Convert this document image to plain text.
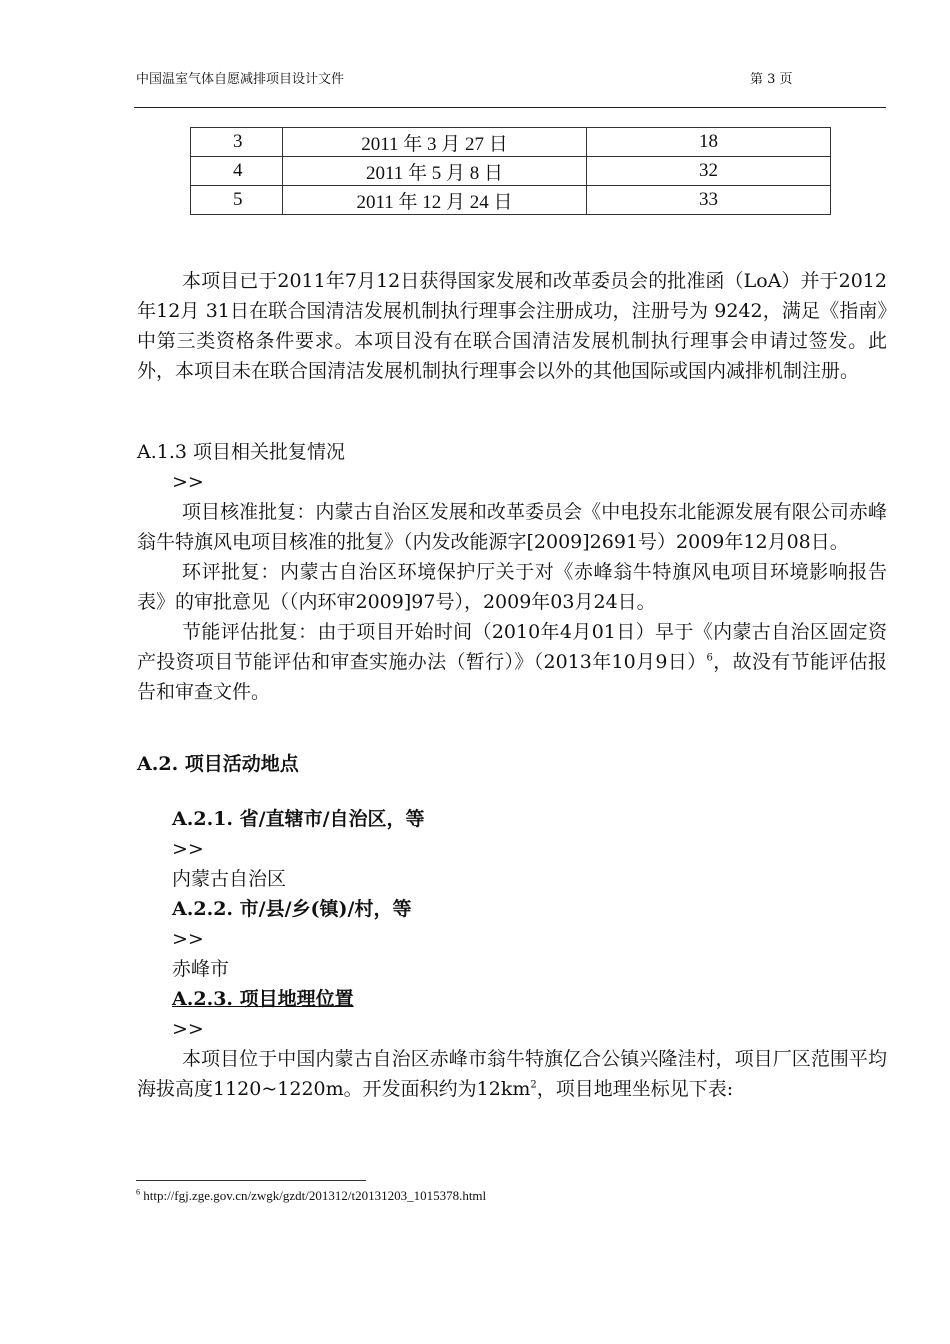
中国温室气体自愿减排项目设计文件	第 3 页
3	2011 年 3 月 27 日	18
4	2011 年 5 月 8 日	32
5	2011 年 12 月 24 日	33

本项目已于2011年7月12日获得国家发展和改革委员会的批准函（LoA）并于2012 年12月 31日在联合国清洁发展机制执行理事会注册成功，注册号为 9242，满足《指南》中第三类资格条件要求。本项目没有在联合国清洁发展机制执行理事会申请过签发。此外，本项目未在联合国清洁发展机制执行理事会以外的其他国际或国内减排机制注册。

A.1.3 项目相关批复情况

>>

项目核准批复：内蒙古自治区发展和改革委员会《中电投东北能源发展有限公司赤峰翁牛特旗风电项目核准的批复》（内发改能源字[2009]2691号）2009年12月08日。

环评批复：内蒙古自治区环境保护厅关于对《赤峰翁牛特旗风电项目环境影响报告表》的审批意见（（内环审2009]97号），2009年03月24日。

节能评估批复：由于项目开始时间（2010年4月01日）早于《内蒙古自治区固定资产投资项目节能评估和审查实施办法（暂行）》（2013年10月9日）$^6$，故没有节能评估报告和审查文件。

A.2. 项目活动地点

A.2.1. 省/直辖市/自治区，等

>>

内蒙古自治区

A.2.2. 市/县/乡(镇)/村，等

>>

赤峰市

A.2.3. 项目地理位置

>>

本项目位于中国内蒙古自治区赤峰市翁牛特旗亿合公镇兴隆洼村，项目厂区范围平均海拔高度1120~1220m。开发面积约为$12km^2$，项目地理坐标见下表:

$^6$ http://fgj.zge.gov.cn/zwgk/gzdt/201312/t20131203_1015378.html
